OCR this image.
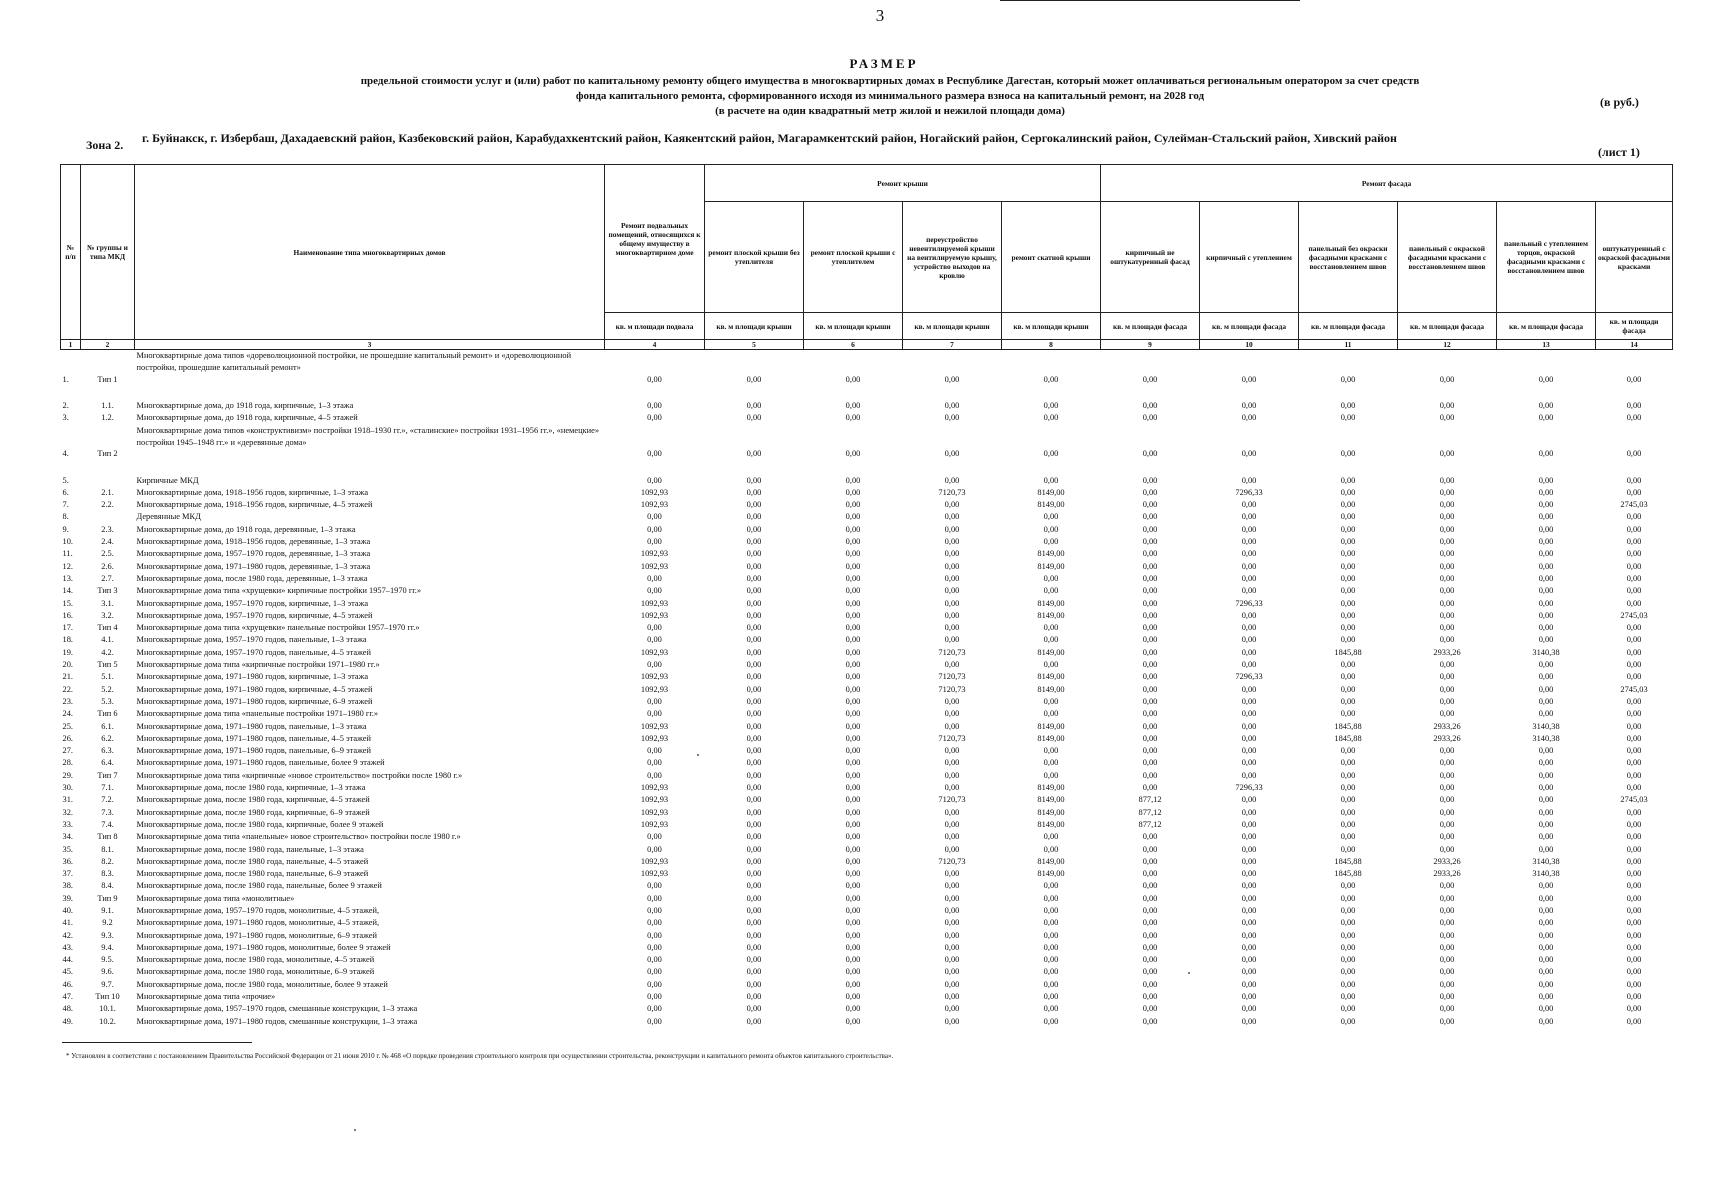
3
РАЗМЕР
предельной стоимости услуг и (или) работ по капитальному ремонту общего имущества в многоквартирных домах в Республике Дагестан, который может оплачиваться региональным оператором за счет средств
фонда капитального ремонта, сформированного исходя из минимального размера взноса на капитальный ремонт, на 2028 год
(в расчете на один квадратный метр жилой и нежилой площади дома)
(в руб.)
Зона 2. г. Буйнакск, г. Избербаш, Дахадаевский район, Казбековский район, Карабудахкентский район, Каякентский район, Магарамкентский район, Ногайский район, Сергокалинский район, Сулейман-Стальский район, Хивский район
(лист 1)
№ п/п	№ группы и типа МКД	Наименование типа многоквартирных домов	Ремонт подвальных помещений, относящихся к общему имуществу в многоквартирном доме	Ремонт крыши				Ремонт фасада					
				ремонт плоской крыши без утеплителя	ремонт плоской крыши с утеплителем	переустройство невентилируемой крыши на вентилируемую крышу, устройство выходов на кровлю	ремонт скатной крыши	кирпичный не оштукатуренный фасад	кирпичный с утеплением	панельный без окраски фасадными красками с восстановлением швов	панельный с окраской фасадными красками с восстановлением швов	панельный с утеплением торцов, окраской фасадными красками с восстановлением швов	оштукатуренный с окраской фасадными красками
			кв. м площади подвала	кв. м площади крыши	кв. м площади крыши	кв. м площади крыши	кв. м площади крыши	кв. м площади фасада	кв. м площади фасада	кв. м площади фасада	кв. м площади фасада	кв. м площади фасада	кв. м площади фасада
1	2	3	4	5	6	7	8	9	10	11	12	13	14
1.	Тип 1	Многоквартирные дома типов «дореволюционной постройки, не прошедшие капитальный ремонт» и «дореволюционной постройки, прошедшие капитальный ремонт»	0,00	0,00	0,00	0,00	0,00	0,00	0,00	0,00	0,00	0,00	0,00

2.	1.1.	Многоквартирные дома, до 1918 года, кирпичные, 1–3 этажа	0,00	0,00	0,00	0,00	0,00	0,00	0,00	0,00	0,00	0,00	0,00
3.	1.2.	Многоквартирные дома, до 1918 года, кирпичные, 4–5 этажей	0,00	0,00	0,00	0,00	0,00	0,00	0,00	0,00	0,00	0,00	0,00
4.	Тип 2	Многоквартирные дома типов «конструктивизм» постройки 1918–1930 гг.», «сталинские» постройки 1931–1956 гг.», «немецкие» постройки 1945–1948 гг.» и «деревянные дома»	0,00	0,00	0,00	0,00	0,00	0,00	0,00	0,00	0,00	0,00	0,00

5.		Кирпичные МКД	0,00	0,00	0,00	0,00	0,00	0,00	0,00	0,00	0,00	0,00	0,00
6.	2.1.	Многоквартирные дома, 1918–1956 годов, кирпичные, 1–3 этажа	1092,93	0,00	0,00	7120,73	8149,00	0,00	7296,33	0,00	0,00	0,00	0,00
7.	2.2.	Многоквартирные дома, 1918–1956 годов, кирпичные, 4–5 этажей	1092,93	0,00	0,00	0,00	8149,00	0,00	0,00	0,00	0,00	0,00	2745,03
8.		Деревянные МКД	0,00	0,00	0,00	0,00	0,00	0,00	0,00	0,00	0,00	0,00	0,00
9.	2.3.	Многоквартирные дома, до 1918 года, деревянные, 1–3 этажа	0,00	0,00	0,00	0,00	0,00	0,00	0,00	0,00	0,00	0,00	0,00
10.	2.4.	Многоквартирные дома, 1918–1956 годов, деревянные, 1–3 этажа	0,00	0,00	0,00	0,00	0,00	0,00	0,00	0,00	0,00	0,00	0,00
11.	2.5.	Многоквартирные дома, 1957–1970 годов, деревянные, 1–3 этажа	1092,93	0,00	0,00	0,00	8149,00	0,00	0,00	0,00	0,00	0,00	0,00
12.	2.6.	Многоквартирные дома, 1971–1980 годов, деревянные, 1–3 этажа	1092,93	0,00	0,00	0,00	8149,00	0,00	0,00	0,00	0,00	0,00	0,00
13.	2.7.	Многоквартирные дома, после 1980 года, деревянные, 1–3 этажа	0,00	0,00	0,00	0,00	0,00	0,00	0,00	0,00	0,00	0,00	0,00
14.	Тип 3	Многоквартирные дома типа «хрущевки» кирпичные постройки 1957–1970 гг.»	0,00	0,00	0,00	0,00	0,00	0,00	0,00	0,00	0,00	0,00	0,00
15.	3.1.	Многоквартирные дома, 1957–1970 годов, кирпичные, 1–3 этажа	1092,93	0,00	0,00	0,00	8149,00	0,00	7296,33	0,00	0,00	0,00	0,00
16.	3.2.	Многоквартирные дома, 1957–1970 годов, кирпичные, 4–5 этажей	1092,93	0,00	0,00	0,00	8149,00	0,00	0,00	0,00	0,00	0,00	2745,03
17.	Тип 4	Многоквартирные дома типа «хрущевки» панельные постройки 1957–1970 гг.»	0,00	0,00	0,00	0,00	0,00	0,00	0,00	0,00	0,00	0,00	0,00
18.	4.1.	Многоквартирные дома, 1957–1970 годов, панельные, 1–3 этажа	0,00	0,00	0,00	0,00	0,00	0,00	0,00	0,00	0,00	0,00	0,00
19.	4.2.	Многоквартирные дома, 1957–1970 годов, панельные, 4–5 этажей	1092,93	0,00	0,00	7120,73	8149,00	0,00	0,00	1845,88	2933,26	3140,38	0,00
20.	Тип 5	Многоквартирные дома типа «кирпичные постройки 1971–1980 гг.»	0,00	0,00	0,00	0,00	0,00	0,00	0,00	0,00	0,00	0,00	0,00
21.	5.1.	Многоквартирные дома, 1971–1980 годов, кирпичные, 1–3 этажа	1092,93	0,00	0,00	7120,73	8149,00	0,00	7296,33	0,00	0,00	0,00	0,00
22.	5.2.	Многоквартирные дома, 1971–1980 годов, кирпичные, 4–5 этажей	1092,93	0,00	0,00	7120,73	8149,00	0,00	0,00	0,00	0,00	0,00	2745,03
23.	5.3.	Многоквартирные дома, 1971–1980 годов, кирпичные, 6–9 этажей	0,00	0,00	0,00	0,00	0,00	0,00	0,00	0,00	0,00	0,00	0,00
24.	Тип 6	Многоквартирные дома типа «панельные постройки 1971–1980 гг.»	0,00	0,00	0,00	0,00	0,00	0,00	0,00	0,00	0,00	0,00	0,00
25.	6.1.	Многоквартирные дома, 1971–1980 годов, панельные, 1–3 этажа	1092,93	0,00	0,00	0,00	8149,00	0,00	0,00	1845,88	2933,26	3140,38	0,00
26.	6.2.	Многоквартирные дома, 1971–1980 годов, панельные, 4–5 этажей	1092,93	0,00	0,00	7120,73	8149,00	0,00	0,00	1845,88	2933,26	3140,38	0,00
27.	6.3.	Многоквартирные дома, 1971–1980 годов, панельные, 6–9 этажей	0,00	0,00	0,00	0,00	0,00	0,00	0,00	0,00	0,00	0,00	0,00
28.	6.4.	Многоквартирные дома, 1971–1980 годов, панельные, более 9 этажей	0,00	0,00	0,00	0,00	0,00	0,00	0,00	0,00	0,00	0,00	0,00
29.	Тип 7	Многоквартирные дома типа «кирпичные «новое строительство» постройки после 1980 г.»	0,00	0,00	0,00	0,00	0,00	0,00	0,00	0,00	0,00	0,00	0,00
30.	7.1.	Многоквартирные дома, после 1980 года, кирпичные, 1–3 этажа	1092,93	0,00	0,00	0,00	8149,00	0,00	7296,33	0,00	0,00	0,00	0,00
31.	7.2.	Многоквартирные дома, после 1980 года, кирпичные, 4–5 этажей	1092,93	0,00	0,00	7120,73	8149,00	877,12	0,00	0,00	0,00	0,00	2745,03
32.	7.3.	Многоквартирные дома, после 1980 года, кирпичные, 6–9 этажей	1092,93	0,00	0,00	0,00	8149,00	877,12	0,00	0,00	0,00	0,00	0,00
33.	7.4.	Многоквартирные дома, после 1980 года, кирпичные, более 9 этажей	1092,93	0,00	0,00	0,00	8149,00	877,12	0,00	0,00	0,00	0,00	0,00
34.	Тип 8	Многоквартирные дома типа «панельные» новое строительство» постройки после 1980 г.»	0,00	0,00	0,00	0,00	0,00	0,00	0,00	0,00	0,00	0,00	0,00
35.	8.1.	Многоквартирные дома, после 1980 года, панельные, 1–3 этажа	0,00	0,00	0,00	0,00	0,00	0,00	0,00	0,00	0,00	0,00	0,00
36.	8.2.	Многоквартирные дома, после 1980 года, панельные, 4–5 этажей	1092,93	0,00	0,00	7120,73	8149,00	0,00	0,00	1845,88	2933,26	3140,38	0,00
37.	8.3.	Многоквартирные дома, после 1980 года, панельные, 6–9 этажей	1092,93	0,00	0,00	0,00	8149,00	0,00	0,00	1845,88	2933,26	3140,38	0,00
38.	8.4.	Многоквартирные дома, после 1980 года, панельные, более 9 этажей	0,00	0,00	0,00	0,00	0,00	0,00	0,00	0,00	0,00	0,00	0,00
39.	Тип 9	Многоквартирные дома типа «монолитные»	0,00	0,00	0,00	0,00	0,00	0,00	0,00	0,00	0,00	0,00	0,00
40.	9.1.	Многоквартирные дома, 1957–1970 годов, монолитные, 4–5 этажей,	0,00	0,00	0,00	0,00	0,00	0,00	0,00	0,00	0,00	0,00	0,00
41.	9.2	Многоквартирные дома, 1971–1980 годов, монолитные, 4–5 этажей,	0,00	0,00	0,00	0,00	0,00	0,00	0,00	0,00	0,00	0,00	0,00
42.	9.3.	Многоквартирные дома, 1971–1980 годов, монолитные, 6–9 этажей	0,00	0,00	0,00	0,00	0,00	0,00	0,00	0,00	0,00	0,00	0,00
43.	9.4.	Многоквартирные дома, 1971–1980 годов, монолитные, более 9 этажей	0,00	0,00	0,00	0,00	0,00	0,00	0,00	0,00	0,00	0,00	0,00
44.	9.5.	Многоквартирные дома, после 1980 года, монолитные, 4–5 этажей	0,00	0,00	0,00	0,00	0,00	0,00	0,00	0,00	0,00	0,00	0,00
45.	9.6.	Многоквартирные дома, после 1980 года, монолитные, 6–9 этажей	0,00	0,00	0,00	0,00	0,00	0,00	0,00	0,00	0,00	0,00	0,00
46.	9.7.	Многоквартирные дома, после 1980 года, монолитные, более 9 этажей	0,00	0,00	0,00	0,00	0,00	0,00	0,00	0,00	0,00	0,00	0,00
47.	Тип 10	Многоквартирные дома типа «прочие»	0,00	0,00	0,00	0,00	0,00	0,00	0,00	0,00	0,00	0,00	0,00
48.	10.1.	Многоквартирные дома, 1957–1970 годов, смешанные конструкции, 1–3 этажа	0,00	0,00	0,00	0,00	0,00	0,00	0,00	0,00	0,00	0,00	0,00
49.	10.2.	Многоквартирные дома, 1971–1980 годов, смешанные конструкции, 1–3 этажа	0,00	0,00	0,00	0,00	0,00	0,00	0,00	0,00	0,00	0,00	0,00
* Установлен в соответствии с постановлением Правительства Российской Федерации от 21 июня 2010 г. № 468 «О порядке проведения строительного контроля при осуществлении строительства, реконструкции и капитального ремонта объектов капитального строительства».
